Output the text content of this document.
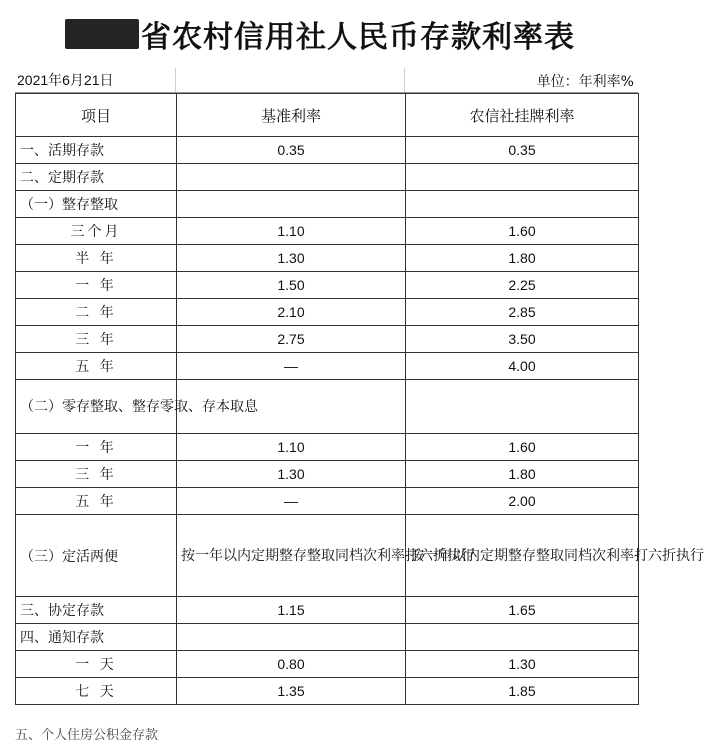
省农村信用社人民币存款利率表
2021年6月21日	单位：年利率%
项目	基准利率	农信社挂牌利率
一、活期存款	0.35	0.35
二、定期存款		
（一）整存整取		
三个月	1.10	1.60
半 年	1.30	1.80
一 年	1.50	2.25
二 年	2.10	2.85
三 年	2.75	3.50
五 年	—	4.00
（二）零存整取、整存零取、存本取息		
一 年	1.10	1.60
三 年	1.30	1.80
五 年	—	2.00
（三）定活两便	按一年以内定期整存整取同档次利率打六折执行	按一年以内定期整存整取同档次利率打六折执行
三、协定存款	1.15	1.65
四、通知存款		
一 天	0.80	1.30
七 天	1.35	1.85
五、个人住房公积金存款
